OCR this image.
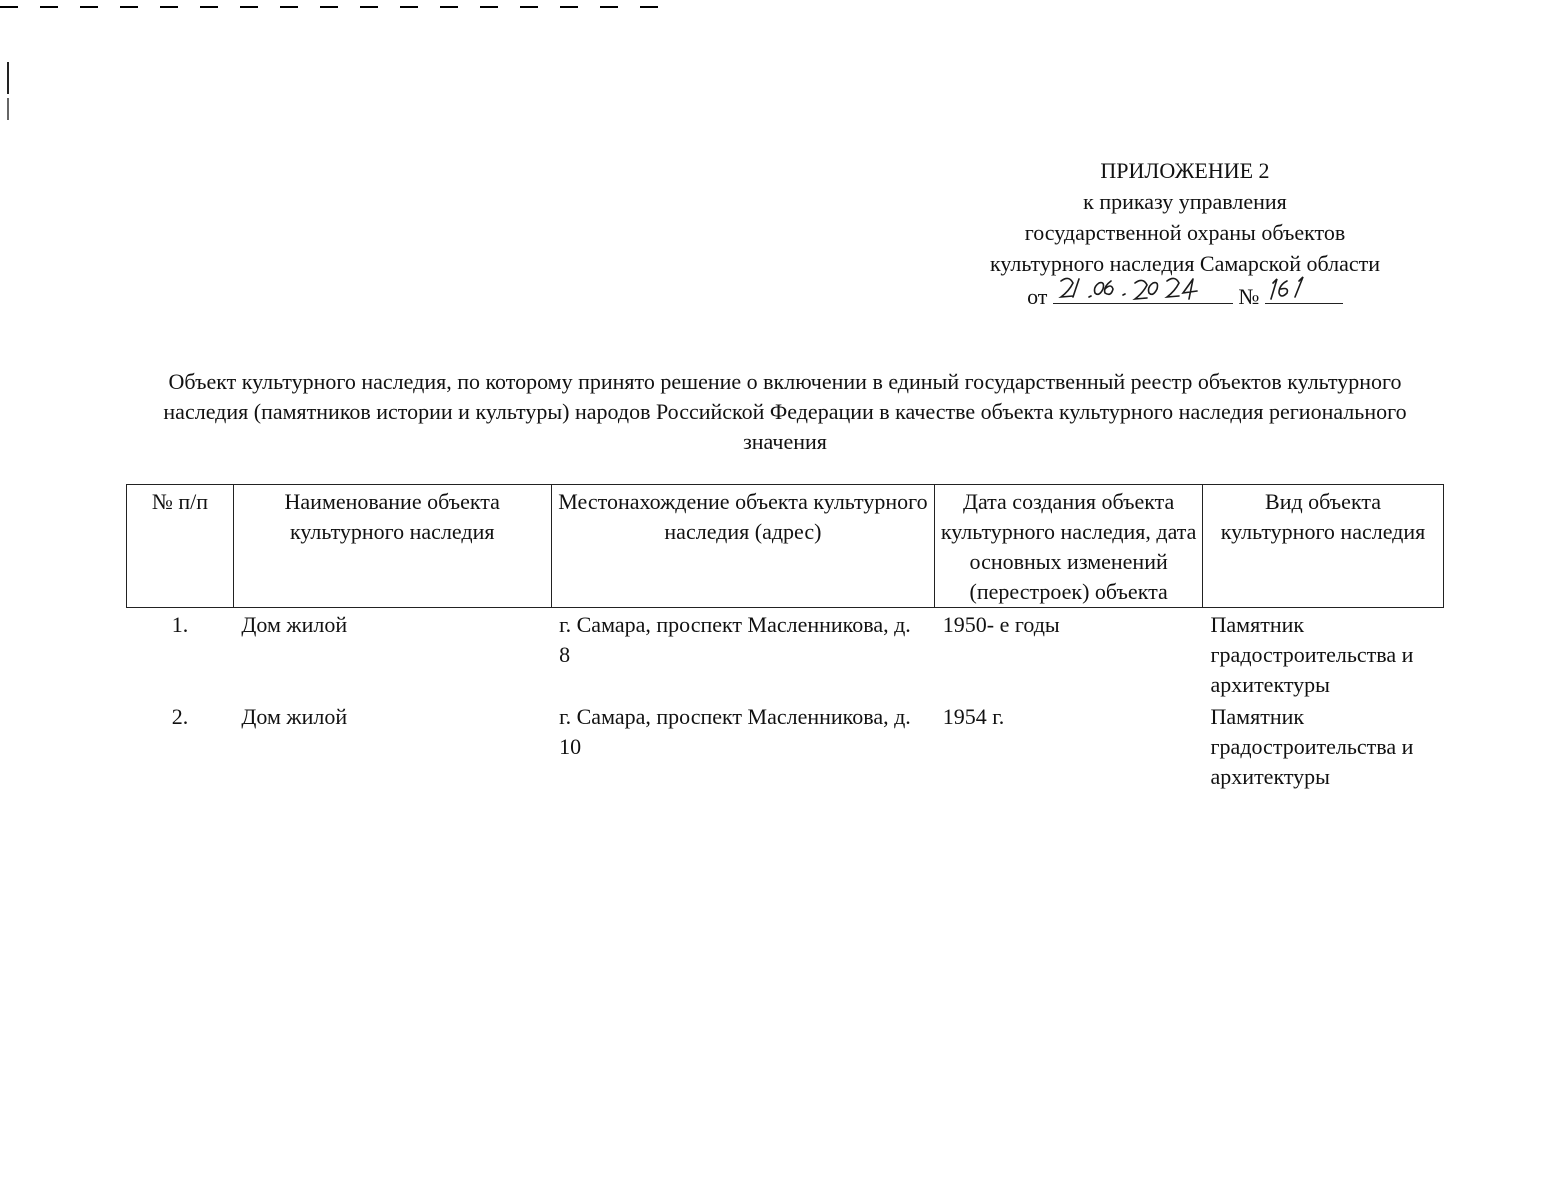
ПРИЛОЖЕНИЕ 2
к приказу управления
государственной охраны объектов
культурного наследия Самарской области
от	№
Объект культурного наследия, по которому принято решение о включении в единый государственный реестр объектов культурного наследия (памятников истории и культуры) народов Российской Федерации в качестве объекта культурного наследия регионального значения
№ п/п	Наименование объекта культурного наследия	Местонахождение объекта культурного наследия (адрес)	Дата создания объекта культурного наследия, дата основных изменений (перестроек) объекта	Вид объекта культурного наследия
1.	Дом жилой	г. Самара, проспект Масленникова, д. 8	1950- е годы	Памятник градостроительства и архитектуры
2.	Дом жилой	г. Самара, проспект Масленникова, д. 10	1954 г.	Памятник градостроительства и архитектуры
